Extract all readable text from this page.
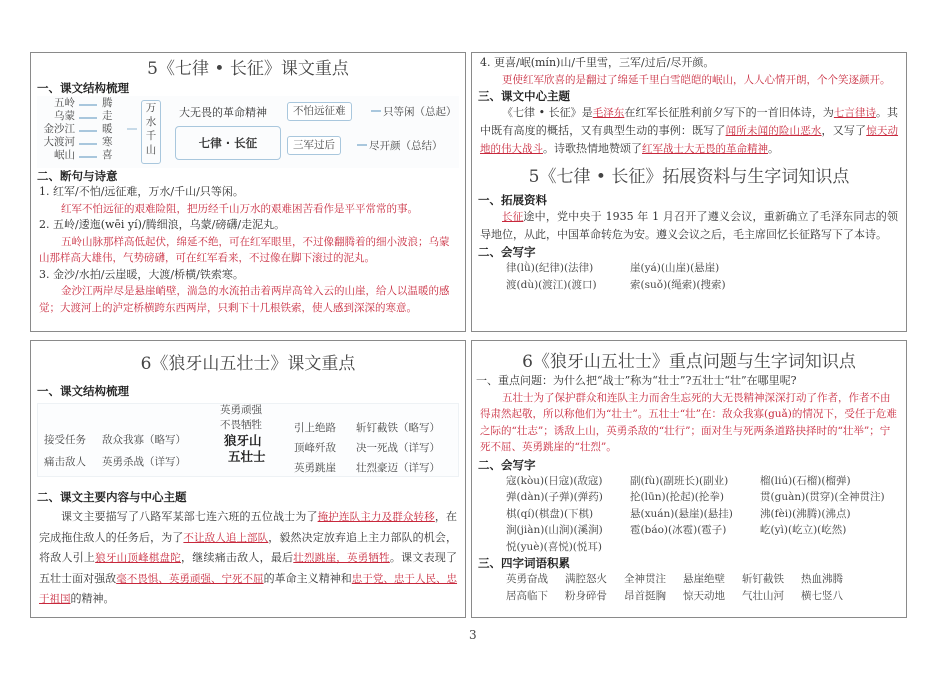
5《七律 • 长征》课文重点
一、课文结构梳理
五岭
乌蒙
金沙江
大渡河
岷山
腾
走
暖
寒
喜
万
水
千
山
大无畏的革命精神
七律 · 长征
不怕远征难	只等闲（总起）
三军过后	尽开颜（总结）
二、断句与诗意
1. 红军/不怕/远征难，万水/千山/只等闲。
红军不怕远征的艰难险阻，把历经千山万水的艰难困苦看作是平平常常的事。
2. 五岭/逶迤(wēi yí)/腾细浪，乌蒙/磅礴/走泥丸。
五岭山脉那样高低起伏，绵延不绝，可在红军眼里，不过像翻腾着的细小波浪；乌蒙山那样高大雄伟，气势磅礴，可在红军看来，不过像在脚下滚过的泥丸。
3. 金沙/水拍/云崖暖，大渡/桥横/铁索寒。
金沙江两岸尽是悬崖峭壁，湍急的水流拍击着两岸高耸入云的山崖，给人以温暖的感觉；大渡河上的泸定桥横跨东西两岸，只剩下十几根铁索，使人感到深深的寒意。
4. 更喜/岷(mín)山/千里雪，三军/过后/尽开颜。
更使红军欣喜的是翻过了绵延千里白雪皑皑的岷山，人人心情开朗，个个笑逐颜开。
三、课文中心主题
《七律 • 长征》是毛泽东在红军长征胜利前夕写下的一首旧体诗，为七言律诗。其中既有高度的概括，又有典型生动的事例：既写了闻所未闻的险山恶水，又写了惊天动地的伟大战斗。诗歌热情地赞颂了红军战士大无畏的革命精神。
5《七律 • 长征》拓展资料与生字词知识点
一、拓展资料
长征途中，党中央于 1935 年 1 月召开了遵义会议，重新确立了毛泽东同志的领导地位，从此，中国革命转危为安。遵义会议之后，毛主席回忆长征路写下了本诗。
二、会写字
律(lǜ)(纪律)(法律)	崖(yá)(山崖)(悬崖)
渡(dù)(渡江)(渡口)	索(suǒ)(绳索)(搜索)
6《狼牙山五壮士》课文重点
一、课文结构梳理
接受任务 敌众我寡（略写）
痛击敌人 英勇杀战（详写）
英勇顽强
不畏牺牲
狼牙山
五壮士
引上绝路 斩钉截铁（略写）
顶峰歼敌 决一死战（详写）
英勇跳崖 壮烈豪迈（详写）
二、课文主要内容与中心主题
课文主要描写了八路军某部七连六班的五位战士为了掩护连队主力及群众转移，在完成拖住敌人的任务后，为了不让敌人追上部队，毅然决定放弃追上主力部队的机会，将敌人引上狼牙山顶峰棋盘陀，继续痛击敌人，最后壮烈跳崖，英勇牺牲。课文表现了五壮士面对强敌毫不畏惧、英勇顽强、宁死不屈的革命主义精神和忠于党、忠于人民、忠于祖国的精神。
6《狼牙山五壮士》重点问题与生字词知识点
一、重点问题：为什么把“战士”称为“壮士”?五壮士“壮”在哪里呢?
五壮士为了保护群众和连队主力而舍生忘死的大无畏精神深深打动了作者，作者不由得肃然起敬，所以称他们为“壮士”。五壮士“壮”在：敌众我寡(guǎ)的情况下，受任于危难之际的“壮志”；诱敌上山，英勇杀敌的“壮行”；面对生与死两条道路抉择时的“壮举”；宁死不屈、英勇跳崖的“壮烈”。
二、会写字
寇(kòu)(日寇)(敌寇)	副(fù)(副班长)(副业)	榴(liú)(石榴)(榴弹)
弹(dàn)(子弹)(弹药)	抡(lūn)(抡起)(抡拳)	贯(guàn)(贯穿)(全神贯注)
棋(qí)(棋盘)(下棋)	悬(xuán)(悬崖)(悬挂)	沸(fèi)(沸腾)(沸点)
涧(jiàn)(山涧)(溪涧)	雹(báo)(冰雹)(雹子)	屹(yì)(屹立)(屹然)
悦(yuè)(喜悦)(悦耳)
三、四字词语积累
英勇奋战 满腔怒火 全神贯注 悬崖绝壁 斩钉截铁 热血沸腾
居高临下 粉身碎骨 昂首挺胸 惊天动地 气壮山河 横七竖八
3
